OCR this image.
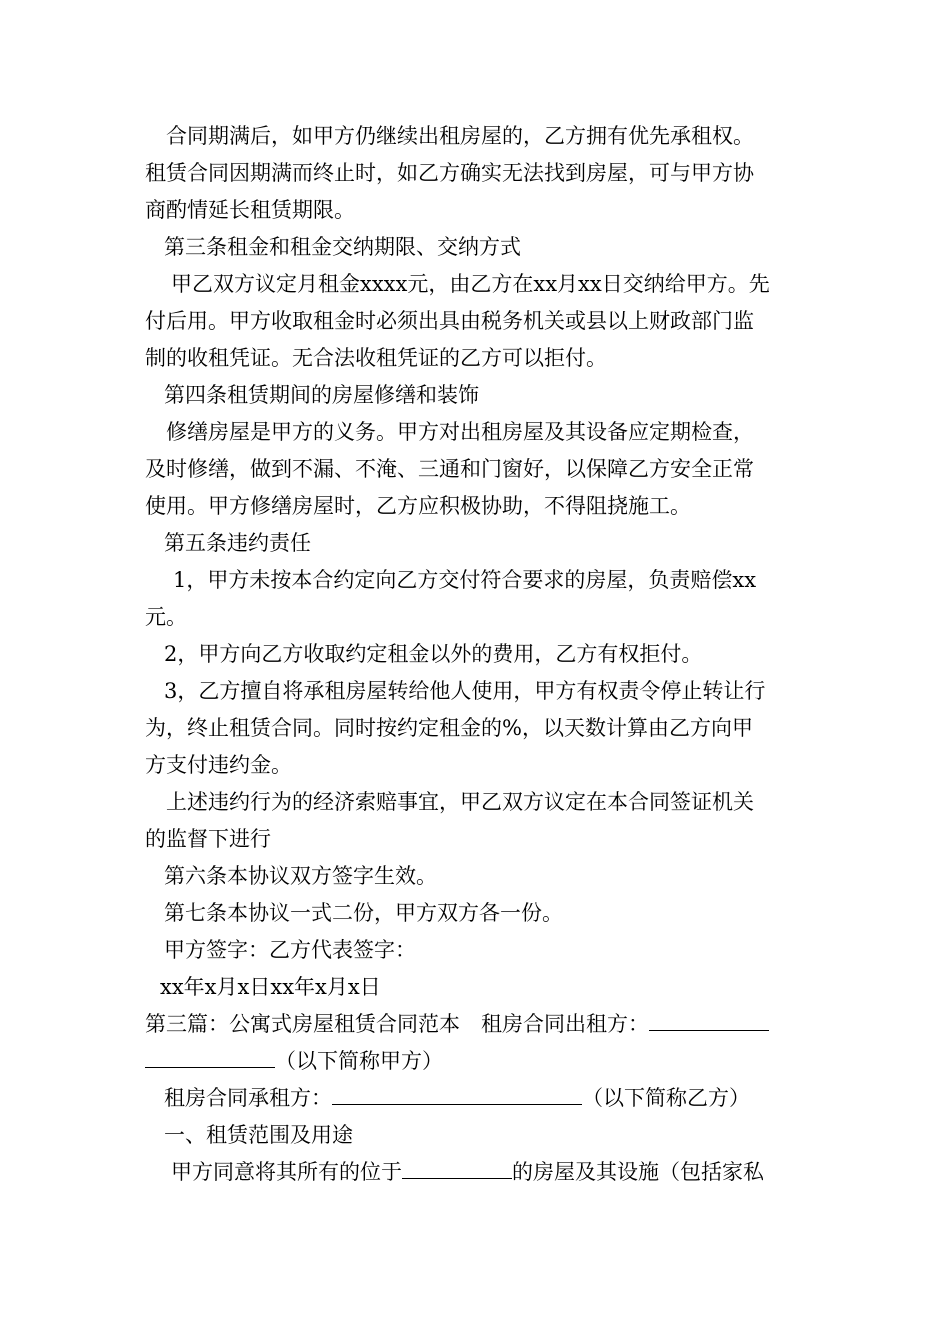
合同期满后，如甲方仍继续出租房屋的，乙方拥有优先承租权。

租赁合同因期满而终止时，如乙方确实无法找到房屋，可与甲方协

商酌情延长租赁期限。

第三条租金和租金交纳期限、交纳方式

甲乙双方议定月租金xxxx元，由乙方在xx月xx日交纳给甲方。先

付后用。甲方收取租金时必须出具由税务机关或县以上财政部门监

制的收租凭证。无合法收租凭证的乙方可以拒付。

第四条租赁期间的房屋修缮和装饰

修缮房屋是甲方的义务。甲方对出租房屋及其设备应定期检查，

及时修缮，做到不漏、不淹、三通和门窗好，以保障乙方安全正常

使用。甲方修缮房屋时，乙方应积极协助，不得阻挠施工。

第五条违约责任

1，甲方未按本合约定向乙方交付符合要求的房屋，负责赔偿xx

元。

2，甲方向乙方收取约定租金以外的费用，乙方有权拒付。

3，乙方擅自将承租房屋转给他人使用，甲方有权责令停止转让行

为，终止租赁合同。同时按约定租金的%，以天数计算由乙方向甲

方支付违约金。

上述违约行为的经济索赔事宜，甲乙双方议定在本合同签证机关

的监督下进行

第六条本协议双方签字生效。

第七条本协议一式二份，甲方双方各一份。

甲方签字：乙方代表签字：

xx年x月x日xx年x月x日

第三篇：公寓式房屋租赁合同范本　租房合同出租方：

（以下简称甲方）

租房合同承租方：	（以下简称乙方）

一、租赁范围及用途

甲方同意将其所有的位于	的房屋及其设施（包括家私
